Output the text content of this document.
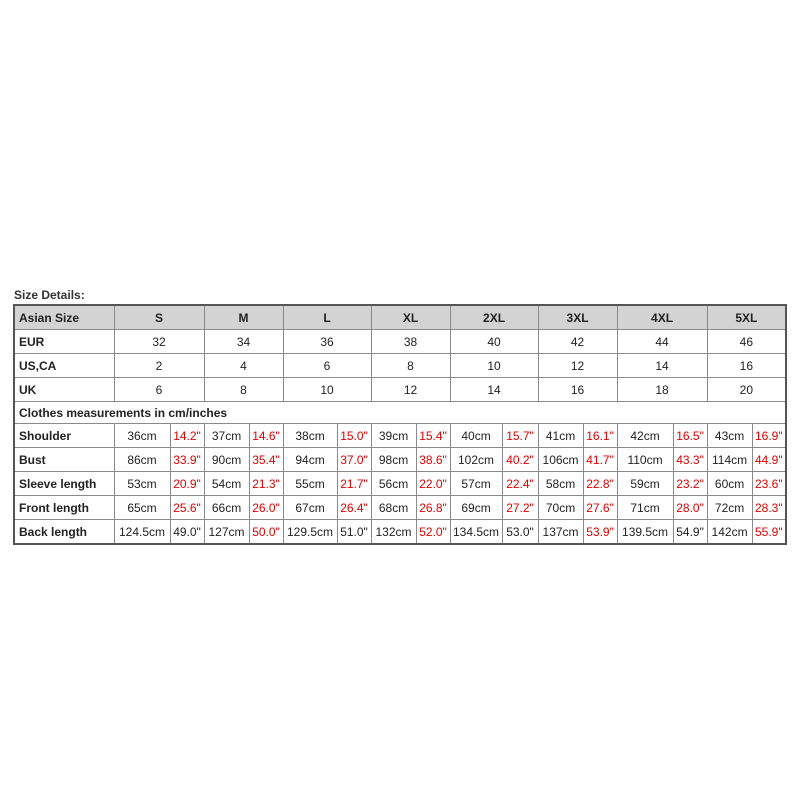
Size Details:
Asian Size	S		M		L		XL		2XL		3XL		4XL		5XL	
EUR	32		34		36		38		40		42		44		46	
US,CA	2		4		6		8		10		12		14		16	
UK	6		8		10		12		14		16		18		20	
Clothes measurements in cm/inches																
Shoulder	36cm	14.2"	37cm	14.6"	38cm	15.0"	39cm	15.4"	40cm	15.7"	41cm	16.1"	42cm	16.5"	43cm	16.9"
Bust	86cm	33.9"	90cm	35.4"	94cm	37.0"	98cm	38.6"	102cm	40.2"	106cm	41.7"	110cm	43.3"	114cm	44.9"
Sleeve length	53cm	20.9"	54cm	21.3"	55cm	21.7"	56cm	22.0"	57cm	22.4"	58cm	22.8"	59cm	23.2"	60cm	23.6"
Front length	65cm	25.6"	66cm	26.0"	67cm	26.4"	68cm	26.8"	69cm	27.2"	70cm	27.6"	71cm	28.0"	72cm	28.3"
Back length	124.5cm	49.0"	127cm	50.0"	129.5cm	51.0"	132cm	52.0"	134.5cm	53.0"	137cm	53.9"	139.5cm	54.9"	142cm	55.9"
